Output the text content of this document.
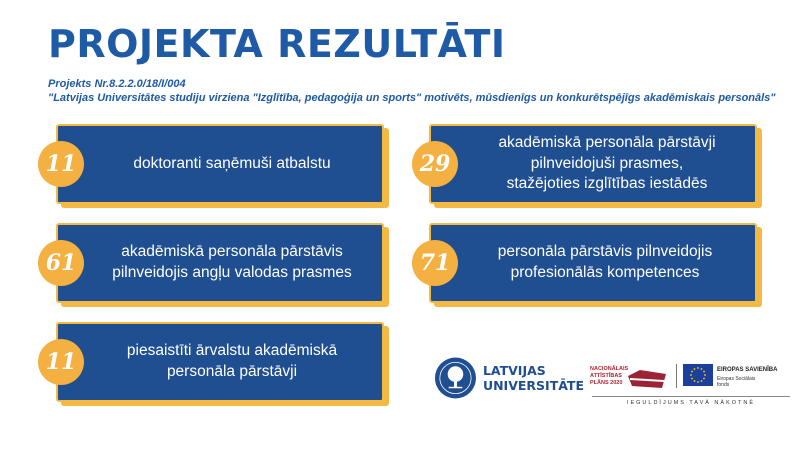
PROJEKTA REZULTĀTI
Projekts Nr.8.2.2.0/18/I/004
"Latvijas Universitātes studiju virziena "Izglītība, pedagoģija un sports" motivēts, mūsdienīgs un konkurētspējīgs akadēmiskais personāls"
doktoranti saņēmuši atbalstu
11
akadēmiskā personāla pārstāvji pilnveidojuši prasmes, stažējoties izglītības iestādēs
29
akadēmiskā personāla pārstāvis pilnveidojis angļu valodas prasmes
61	personāla pārstāvis pilnveidojis profesionālās kompetences
71
piesaistīti ārvalstu akadēmiskā personāla pārstāvji
11	LATVIJAS
UNIVERSITĀTE
NACIONĀLAIS
ATTĪSTĪBAS
PLĀNS 2020
EIROPAS SAVIENĪBA
Eiropas Sociālais
fonds
IEGULDĪJUMS TAVĀ NĀKOTNĒ
